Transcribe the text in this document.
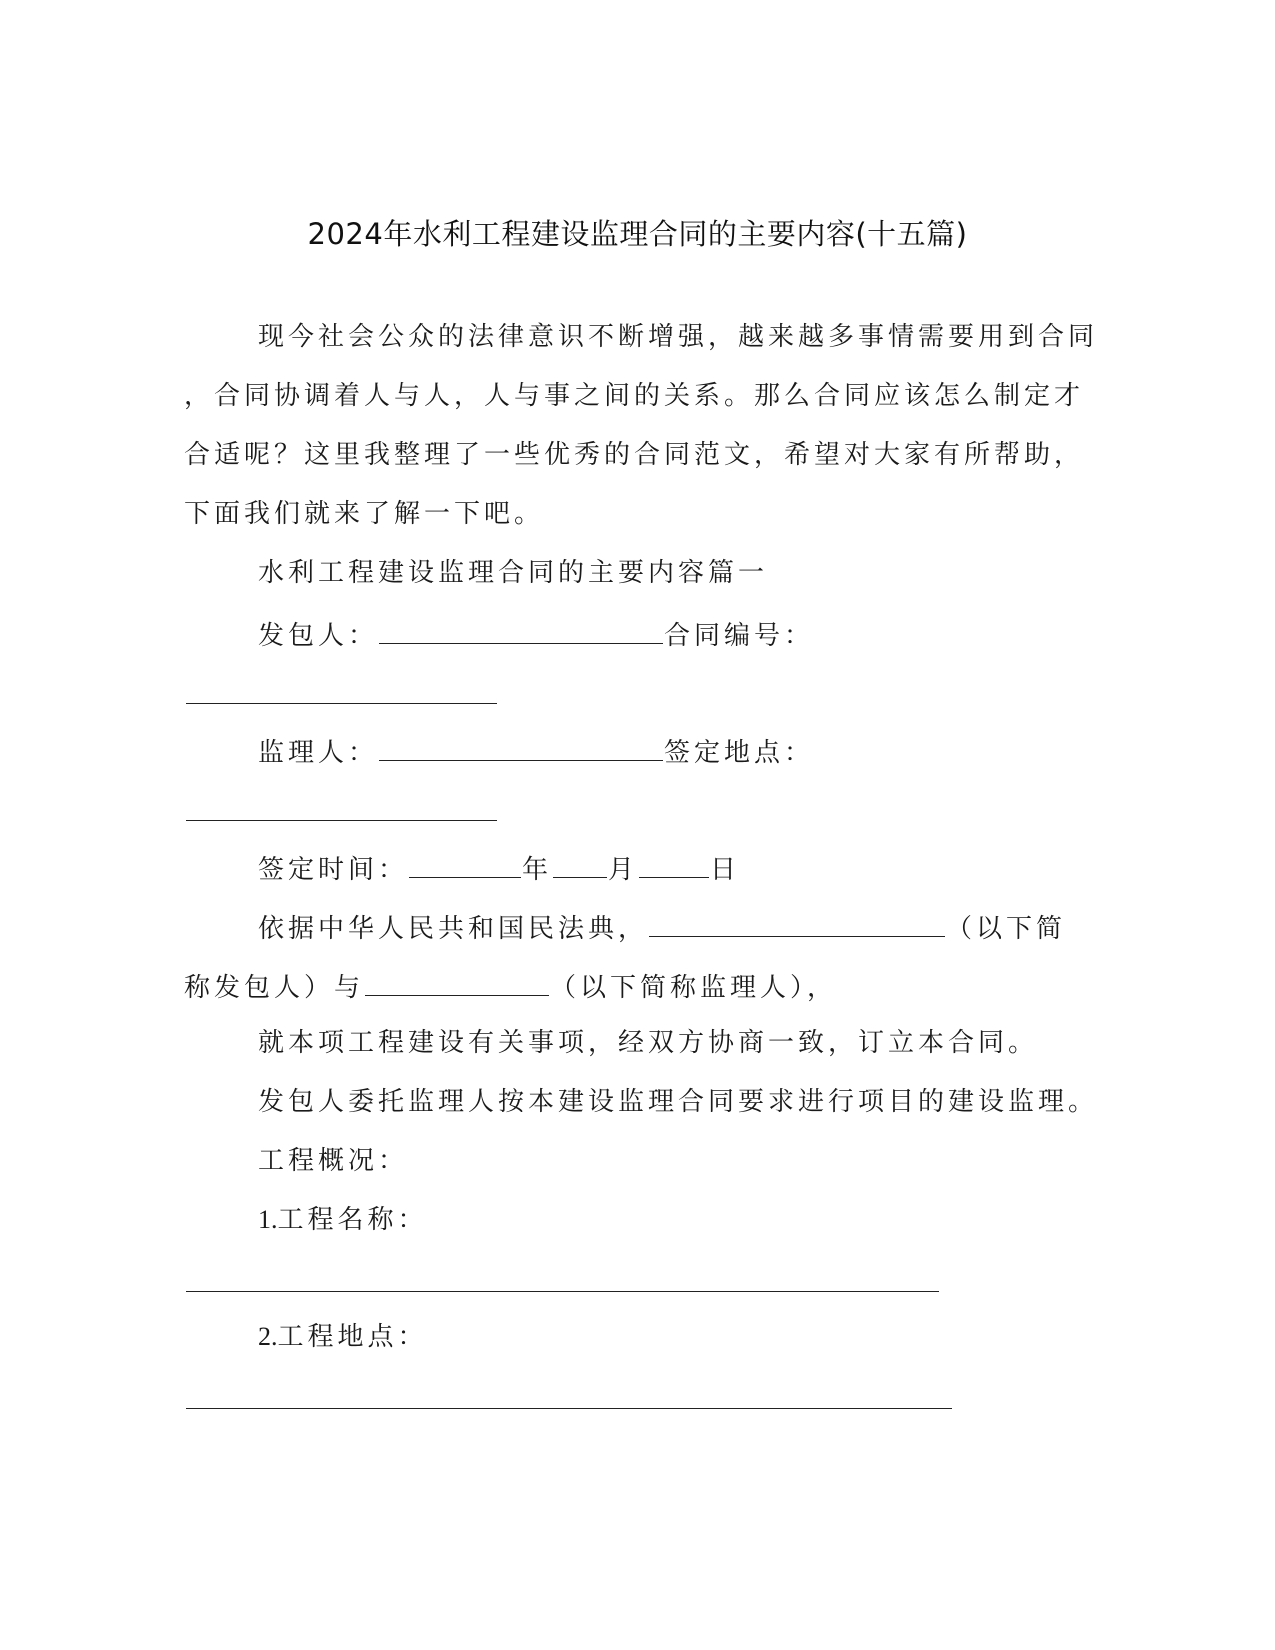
2024年水利工程建设监理合同的主要内容(十五篇)
现今社会公众的法律意识不断增强，越来越多事情需要用到合同
，合同协调着人与人，人与事之间的关系。那么合同应该怎么制定才
合适呢？这里我整理了一些优秀的合同范文，希望对大家有所帮助，
下面我们就来了解一下吧。
水利工程建设监理合同的主要内容篇一
发包人：	合同编号：
监理人：	签定地点：
签定时间：	年 月	日
依据中华人民共和国民法典，	（以下简
称发包人）与	（以下简称监理人），
就本项工程建设有关事项，经双方协商一致，订立本合同。
发包人委托监理人按本建设监理合同要求进行项目的建设监理。
工程概况：
1.工程名称：
2.工程地点：
